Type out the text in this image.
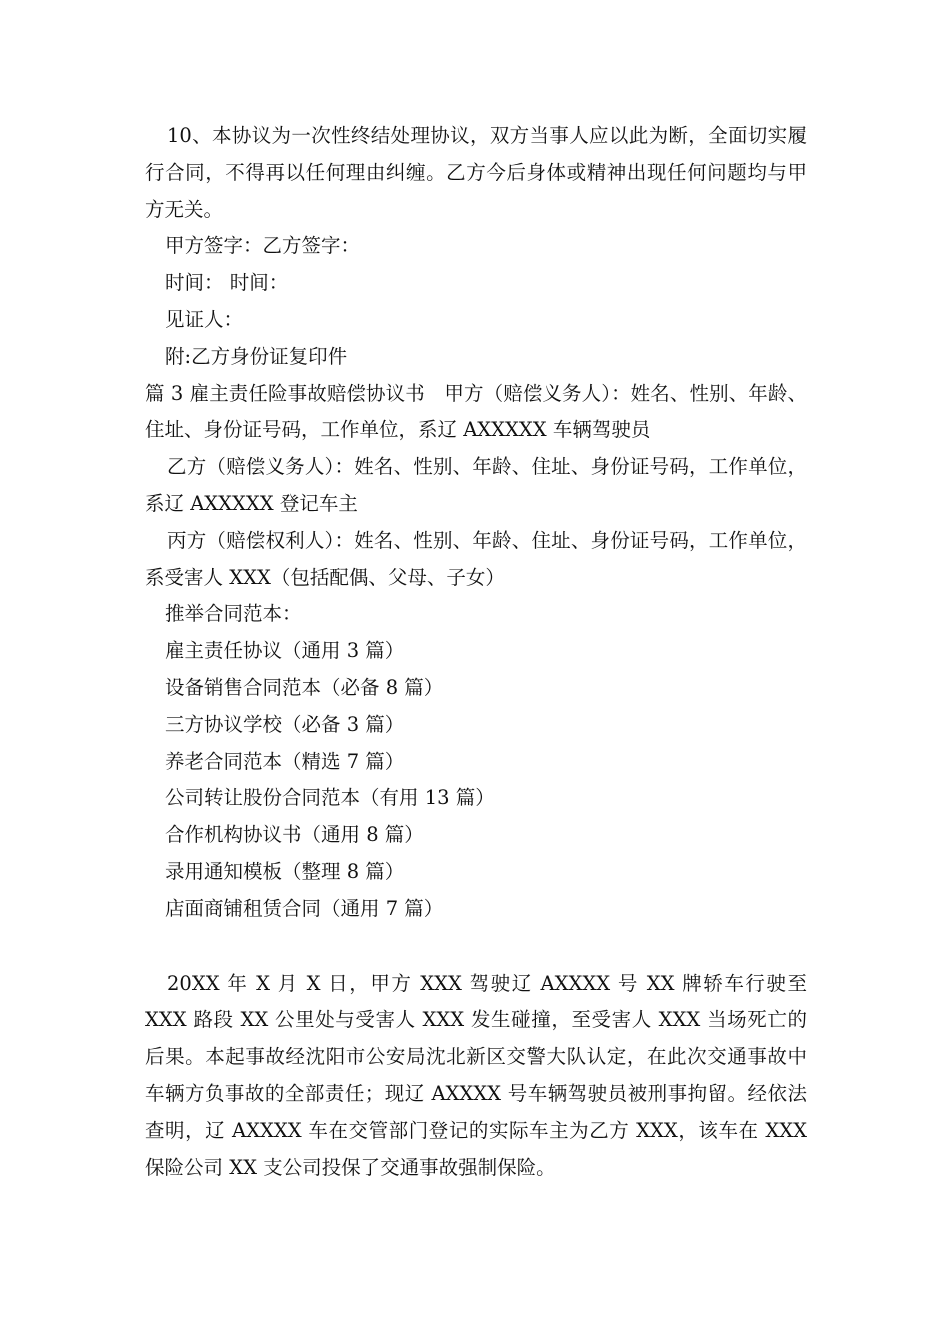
10、本协议为一次性终结处理协议，双方当事人应以此为断，全面切实履行合同，不得再以任何理由纠缠。乙方今后身体或精神出现任何问题均与甲方无关。

甲方签字：乙方签字：

时间： 时间：

见证人：

附:乙方身份证复印件

篇 3 雇主责任险事故赔偿协议书　甲方（赔偿义务人）：姓名、性别、年龄、住址、身份证号码，工作单位，系辽 AXXXXX 车辆驾驶员

乙方（赔偿义务人）：姓名、性别、年龄、住址、身份证号码，工作单位，系辽 AXXXXX 登记车主

丙方（赔偿权利人）：姓名、性别、年龄、住址、身份证号码，工作单位，系受害人 XXX（包括配偶、父母、子女）

推举合同范本：

雇主责任协议（通用 3 篇）

设备销售合同范本（必备 8 篇）

三方协议学校（必备 3 篇）

养老合同范本（精选 7 篇）

公司转让股份合同范本（有用 13 篇）

合作机构协议书（通用 8 篇）

录用通知模板（整理 8 篇）

店面商铺租赁合同（通用 7 篇）

20XX 年 X 月 X 日，甲方 XXX 驾驶辽 AXXXX 号 XX 牌轿车行驶至 XXX 路段 XX 公里处与受害人 XXX 发生碰撞，至受害人 XXX 当场死亡的后果。本起事故经沈阳市公安局沈北新区交警大队认定，在此次交通事故中车辆方负事故的全部责任；现辽 AXXXX 号车辆驾驶员被刑事拘留。经依法查明，辽 AXXXX 车在交管部门登记的实际车主为乙方 XXX，该车在 XXX 保险公司 XX 支公司投保了交通事故强制保险。
